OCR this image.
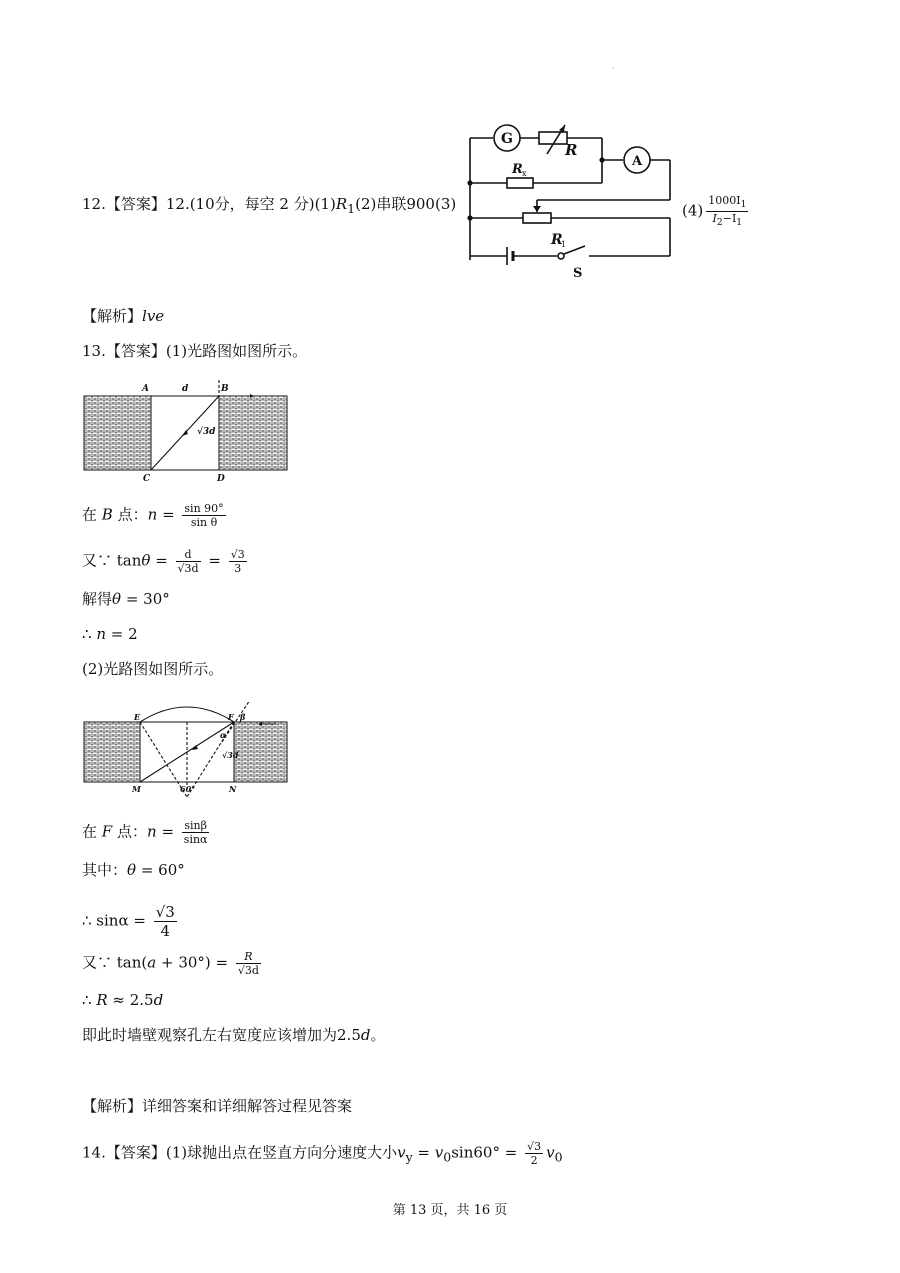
·
12.【答案】12.(10分，每空 2 分)$(1)R_1(2)$串联900(3)
G
A
R
R x
R
1
S
$(4) \frac{1000I_1}{I_2-I_1}$
【解析】lve
13.【答案】(1)光路图如图所示。
A	d	B
C	D
√3d
在 B 点：$n = \frac{\sin 90^\circ}{\text{sin θ}}$
又∵ $\tan\theta = \frac{d}{√3d} = \frac{√3}{3}$
解得θ = 30°
∴ n = 2
(2)光路图如图所示。
E	F β
α
√3d
M	N
60°
在 F 点：$n = \frac{\sin\beta}{\sin\alpha}$
其中：θ = 60°
∴ $\sin\alpha = \frac{√3}{4}$
又∵ $\tan(a + 30^\circ) = \frac{R}{√3d}$
∴ R ≈ 2.5d
即此时墙壁观察孔左右宽度应该增加为2.5d。
【解析】详细答案和详细解答过程见答案
14.【答案】(1)球抛出点在竖直方向分速度大小$v_y = v_0\sin 60^\circ = \frac{√3}{2} v_0$
第 13 页，共 16 页
